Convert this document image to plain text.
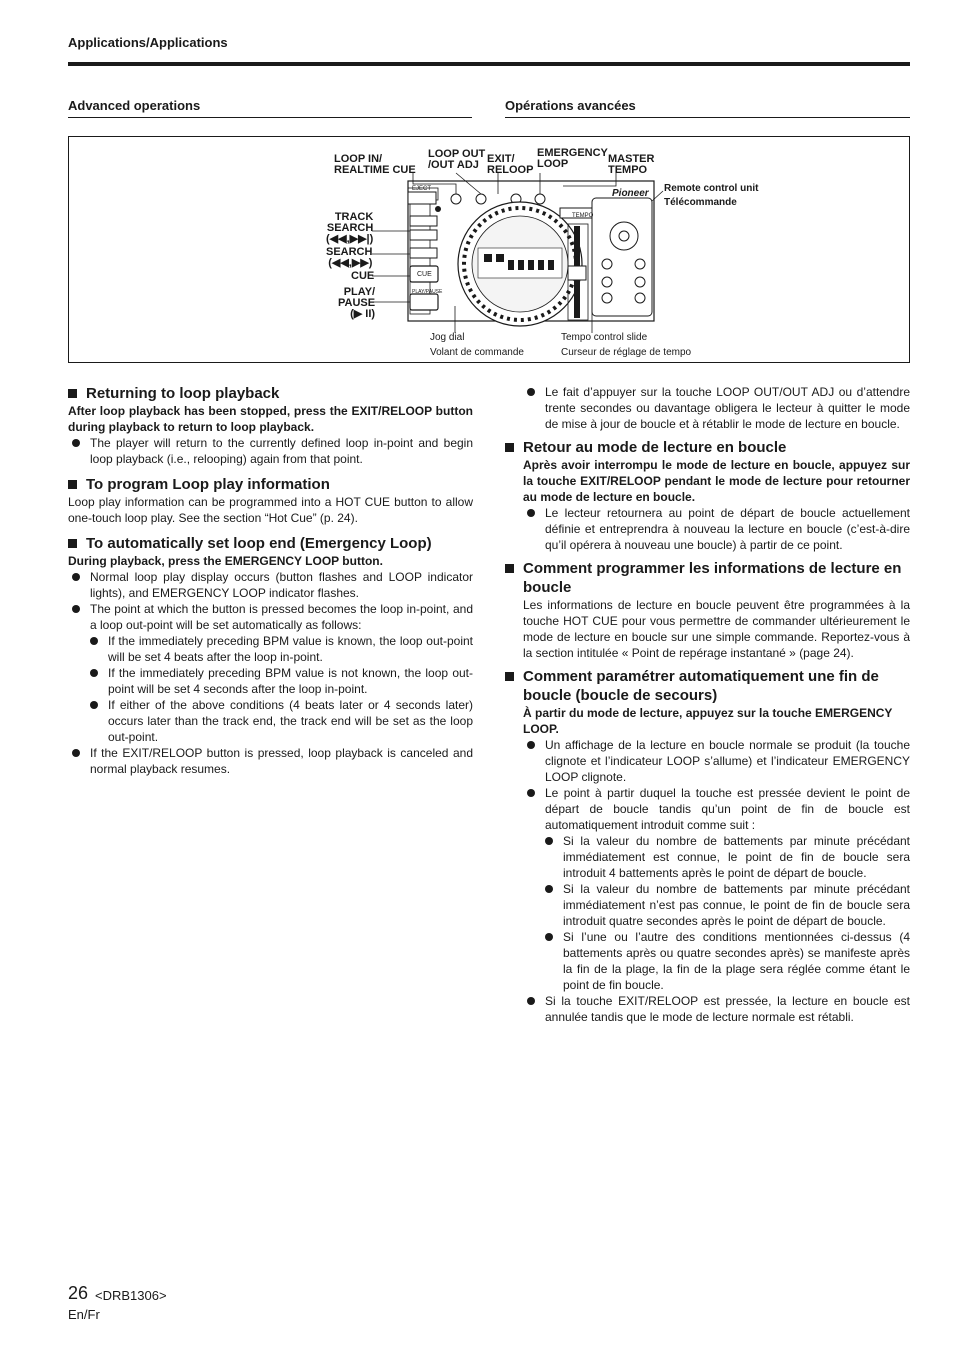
Applications/Applications
Advanced operations	Opérations avancées
LOOP IN/
REALTIME CUE
LOOP OUT
/OUT ADJ EXIT/
RELOOP
EMERGENCY
LOOP	MASTER
TEMPO
TRACK
SEARCH
(◀◀,▶▶|)
SEARCH
(◀◀,▶▶)
CUE
PLAY/
PAUSE
(▶ II)
Remote control unit
Télécommande
EJECT
CUE
PLAY/PAUSE
TEMPO
Pioneer
Jog dial
Volant de commande
Tempo control slide
Curseur de réglage de tempo
Returning to loop playback

After loop playback has been stopped, press the EXIT/RELOOP button during playback to return to loop playback.

The player will return to the currently defined loop in-point and begin loop playback (i.e., relooping) again from that point.
To program Loop play information

Loop play information can be programmed into a HOT CUE button to allow one-touch loop play. See the section “Hot Cue” (p. 24).

To automatically set loop end (Emergency Loop)

During playback, press the EMERGENCY LOOP button.

Normal loop play display occurs (button flashes and LOOP indicator lights), and EMERGENCY LOOP indicator flashes.
The point at which the button is pressed becomes the loop in-point, and a loop out-point will be set automatically as follows:
If the immediately preceding BPM value is known, the loop out-point will be set 4 beats after the loop in-point.
If the immediately preceding BPM value is not known, the loop out-point will be set 4 seconds after the loop in-point.
If either of the above conditions (4 beats later or 4 seconds later) occurs later than the track end, the track end will be set as the loop out-point.
If the EXIT/RELOOP button is pressed, loop playback is canceled and normal playback resumes.
Le fait d’appuyer sur la touche LOOP OUT/OUT ADJ ou d’attendre trente secondes ou davantage obligera le lecteur à quitter le mode de mise à jour de boucle et à rétablir le mode de lecture en boucle.
Retour au mode de lecture en boucle

Après avoir interrompu le mode de lecture en boucle, appuyez sur la touche EXIT/RELOOP pendant le mode de lecture pour retourner au mode de lecture en boucle.

Le lecteur retournera au point de départ de boucle actuellement définie et entreprendra à nouveau la lecture en boucle (c’est-à-dire qu’il opérera à nouveau une boucle) à partir de ce point.
Comment programmer les informations de lecture en boucle

Les informations de lecture en boucle peuvent être programmées à la touche HOT CUE pour vous permettre de commander ultérieurement le mode de lecture en boucle sur une simple commande. Reportez-vous à la section intitulée « Point de repérage instantané » (page 24).

Comment paramétrer automatiquement une fin de boucle (boucle de secours)

À partir du mode de lecture, appuyez sur la touche EMERGENCY LOOP.

Un affichage de la lecture en boucle normale se produit (la touche clignote et l’indicateur LOOP s’allume) et l’indicateur EMERGENCY LOOP clignote.
Le point à partir duquel la touche est pressée devient le point de départ de boucle tandis qu’un point de fin de boucle est automatiquement introduit comme suit :
Si la valeur du nombre de battements par minute précédant immédiatement est connue, le point de fin de boucle sera introduit 4 battements après le point de départ de boucle.
Si la valeur du nombre de battements par minute précédant immédiatement n’est pas connue, le point de fin de boucle sera introduit quatre secondes après le point de départ de boucle.
Si l’une ou l’autre des conditions mentionnées ci-dessus (4 battements après ou quatre secondes après) se manifeste après la fin de la plage, la fin de la plage sera réglée comme étant le point de fin boucle.
Si la touche EXIT/RELOOP est pressée, la lecture en boucle est annulée tandis que le mode de lecture normale est rétabli.
26 <DRB1306>
En/Fr
